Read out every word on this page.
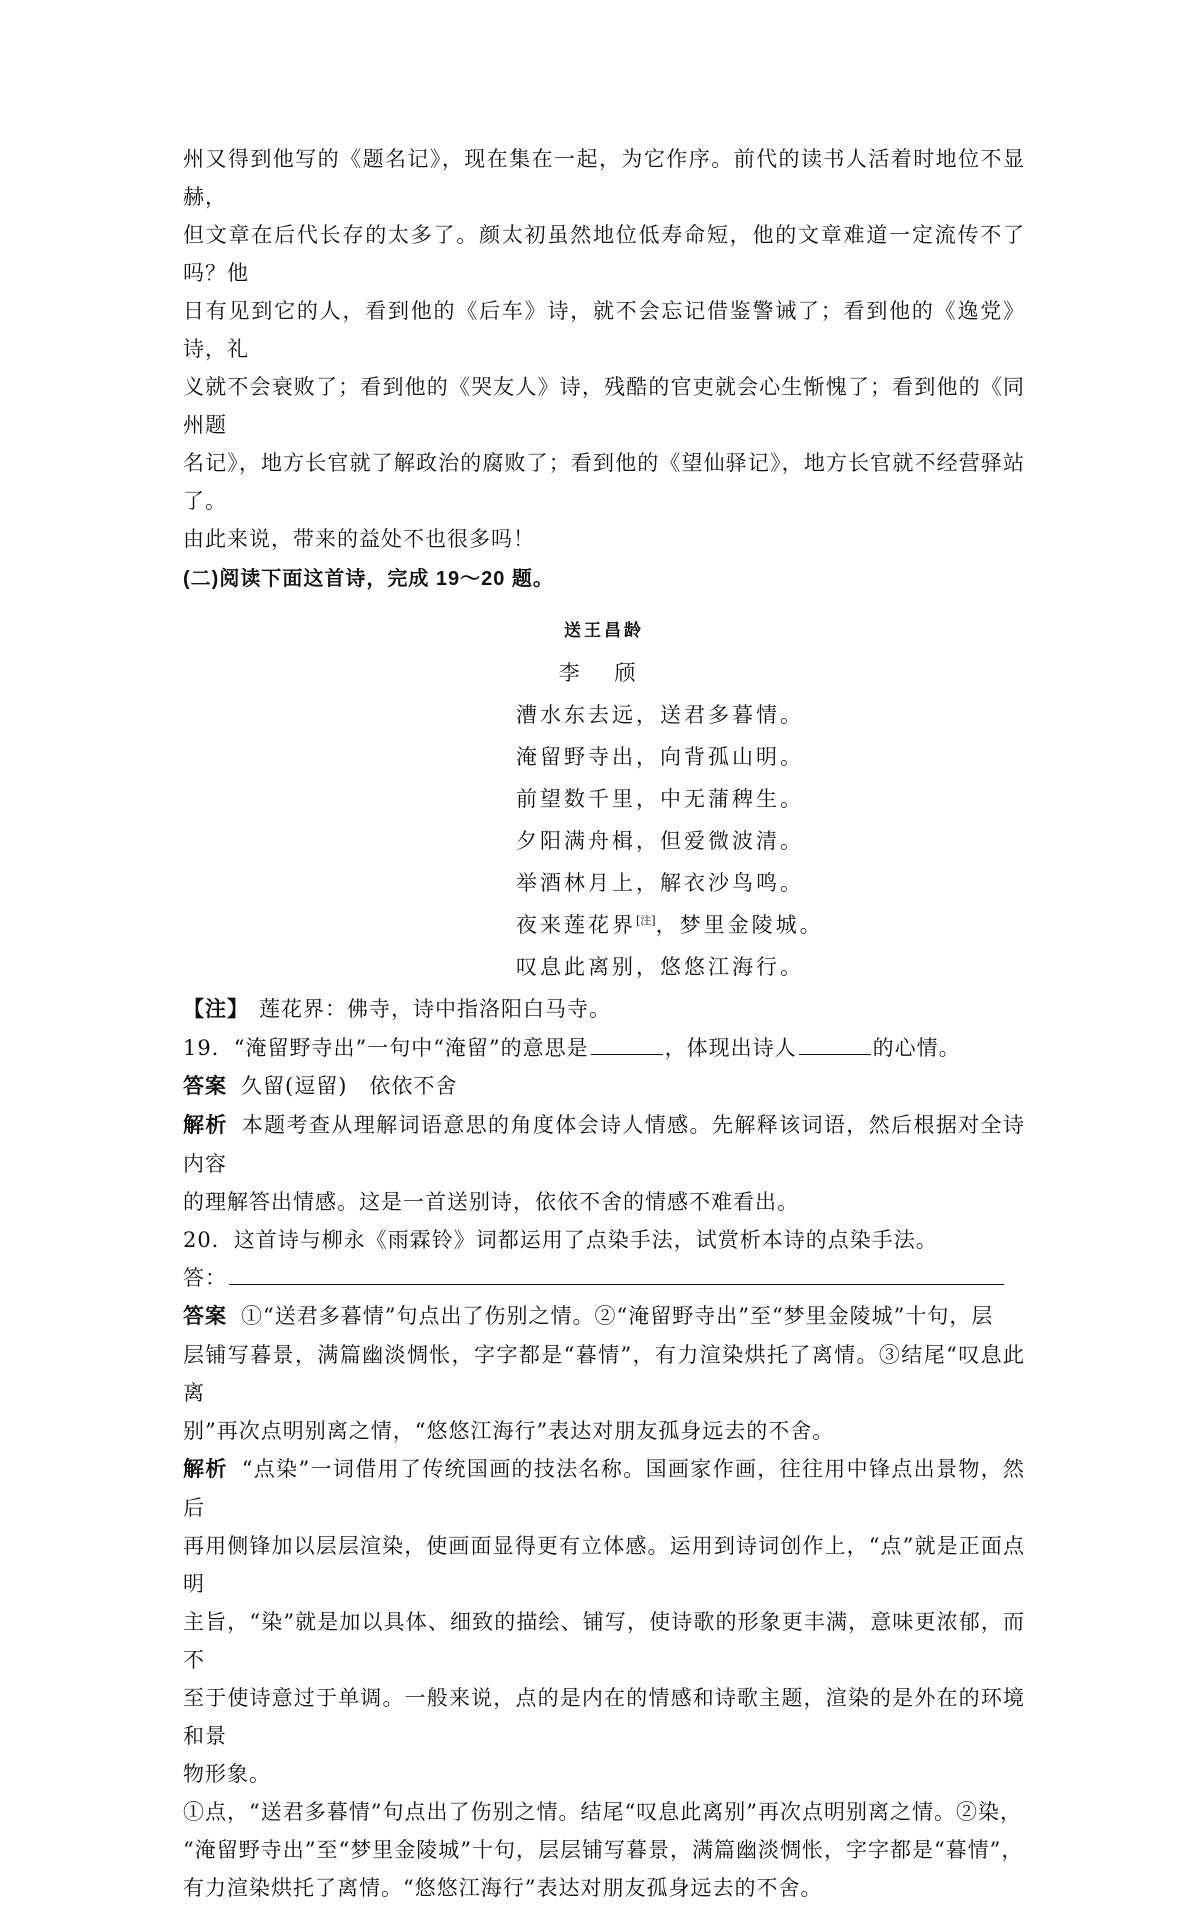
州又得到他写的《题名记》，现在集在一起，为它作序。前代的读书人活着时地位不显赫，
但文章在后代长存的太多了。颜太初虽然地位低寿命短，他的文章难道一定流传不了吗？他
日有见到它的人，看到他的《后车》诗，就不会忘记借鉴警诫了；看到他的《逸党》诗，礼
义就不会衰败了；看到他的《哭友人》诗，残酷的官吏就会心生惭愧了；看到他的《同州题
名记》，地方长官就了解政治的腐败了；看到他的《望仙驿记》，地方长官就不经营驿站了。
由此来说，带来的益处不也很多吗！
(二)阅读下面这首诗，完成 19～20 题。
送王昌龄
李 颀
漕水东去远，送君多暮情。
淹留野寺出，向背孤山明。
前望数千里，中无蒲稗生。
夕阳满舟楫，但爱微波清。
举酒林月上，解衣沙鸟鸣。
夜来莲花界[注]，梦里金陵城。
叹息此离别，悠悠江海行。
【注】 莲花界：佛寺，诗中指洛阳白马寺。
19．“淹留野寺出”一句中“淹留”的意思是	，体现出诗人	的心情。
答案 久留(逗留)　依依不舍
解析 本题考查从理解词语意思的角度体会诗人情感。先解释该词语，然后根据对全诗内容
的理解答出情感。这是一首送别诗，依依不舍的情感不难看出。
20．这首诗与柳永《雨霖铃》词都运用了点染手法，试赏析本诗的点染手法。
答：
答案 ①“送君多暮情”句点出了伤别之情。②“淹留野寺出”至“梦里金陵城”十句，层
层铺写暮景，满篇幽淡惆怅，字字都是“暮情”，有力渲染烘托了离情。③结尾“叹息此离
别”再次点明别离之情，“悠悠江海行”表达对朋友孤身远去的不舍。
解析 “点染”一词借用了传统国画的技法名称。国画家作画，往往用中锋点出景物，然后
再用侧锋加以层层渲染，使画面显得更有立体感。运用到诗词创作上，“点”就是正面点明
主旨，“染”就是加以具体、细致的描绘、铺写，使诗歌的形象更丰满，意味更浓郁，而不
至于使诗意过于单调。一般来说，点的是内在的情感和诗歌主题，渲染的是外在的环境和景
物形象。
①点，“送君多暮情”句点出了伤别之情。结尾“叹息此离别”再次点明别离之情。②染，
“淹留野寺出”至“梦里金陵城”十句，层层铺写暮景，满篇幽淡惆怅，字字都是“暮情”，
有力渲染烘托了离情。“悠悠江海行”表达对朋友孤身远去的不舍。
